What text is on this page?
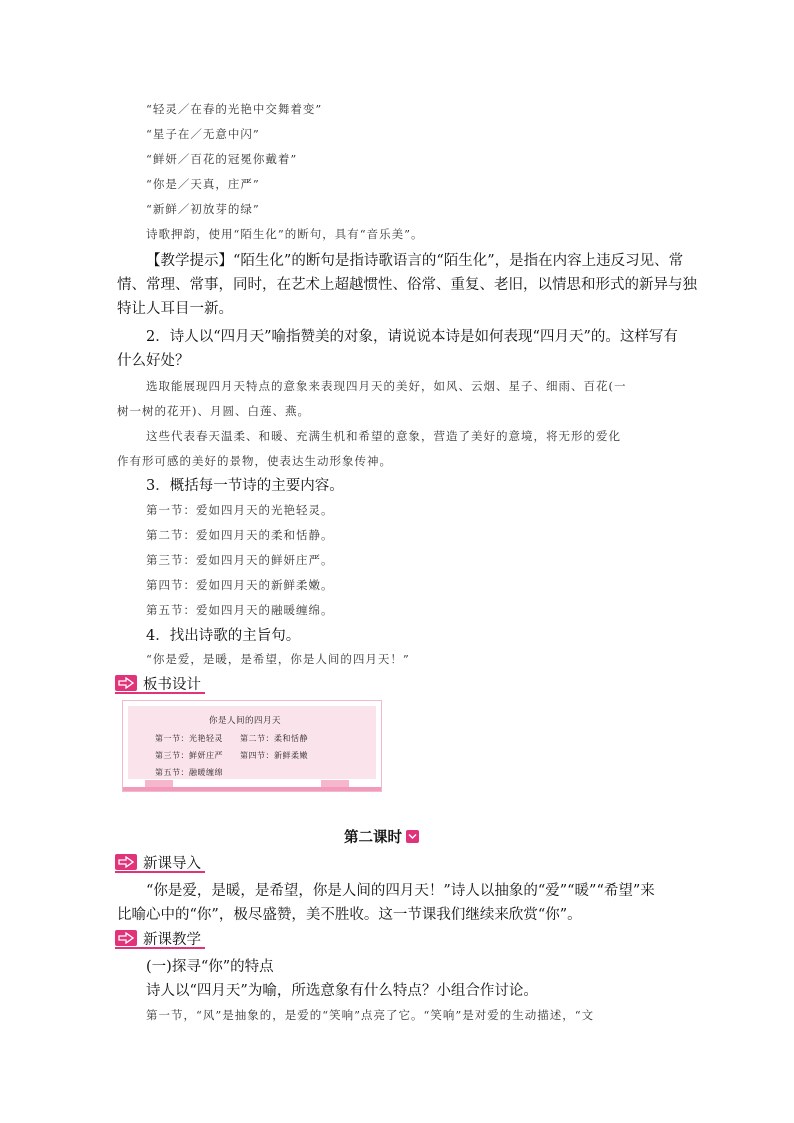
“轻灵／在春的光艳中交舞着变”
“星子在／无意中闪”
“鲜妍／百花的冠冕你戴着”
“你是／天真，庄严”
“新鲜／初放芽的绿”
诗歌押韵，使用“陌生化”的断句，具有“音乐美”。
【教学提示】“陌生化”的断句是指诗歌语言的“陌生化”，是指在内容上违反习见、常
情、常理、常事，同时，在艺术上超越惯性、俗常、重复、老旧，以情思和形式的新异与独
特让人耳目一新。
2．诗人以“四月天”喻指赞美的对象，请说说本诗是如何表现“四月天”的。这样写有
什么好处？
选取能展现四月天特点的意象来表现四月天的美好，如风、云烟、星子、细雨、百花(一
树一树的花开)、月圆、白莲、燕。
这些代表春天温柔、和暖、充满生机和希望的意象，营造了美好的意境，将无形的爱化
作有形可感的美好的景物，使表达生动形象传神。
3．概括每一节诗的主要内容。
第一节：爱如四月天的光艳轻灵。
第二节：爱如四月天的柔和恬静。
第三节：爱如四月天的鲜妍庄严。
第四节：爱如四月天的新鲜柔嫩。
第五节：爱如四月天的融暖缠绵。
4．找出诗歌的主旨句。
“你是爱，是暖，是希望，你是人间的四月天！”
板书设计
你是人间的四月天
第一节：光艳轻灵　　第二节：柔和恬静
第三节：鲜妍庄严　　第四节：新鲜柔嫩
第五节：融暖缠绵
第二课时
新课导入
“你是爱，是暖，是希望，你是人间的四月天！”诗人以抽象的“爱”“暖”“希望”来
比喻心中的“你”，极尽盛赞，美不胜收。这一节课我们继续来欣赏“你”。
新课教学
(一)探寻“你”的特点
诗人以“四月天”为喻，所选意象有什么特点？小组合作讨论。
第一节，“风”是抽象的，是爱的“笑响”点亮了它。“笑响”是对爱的生动描述，“文
